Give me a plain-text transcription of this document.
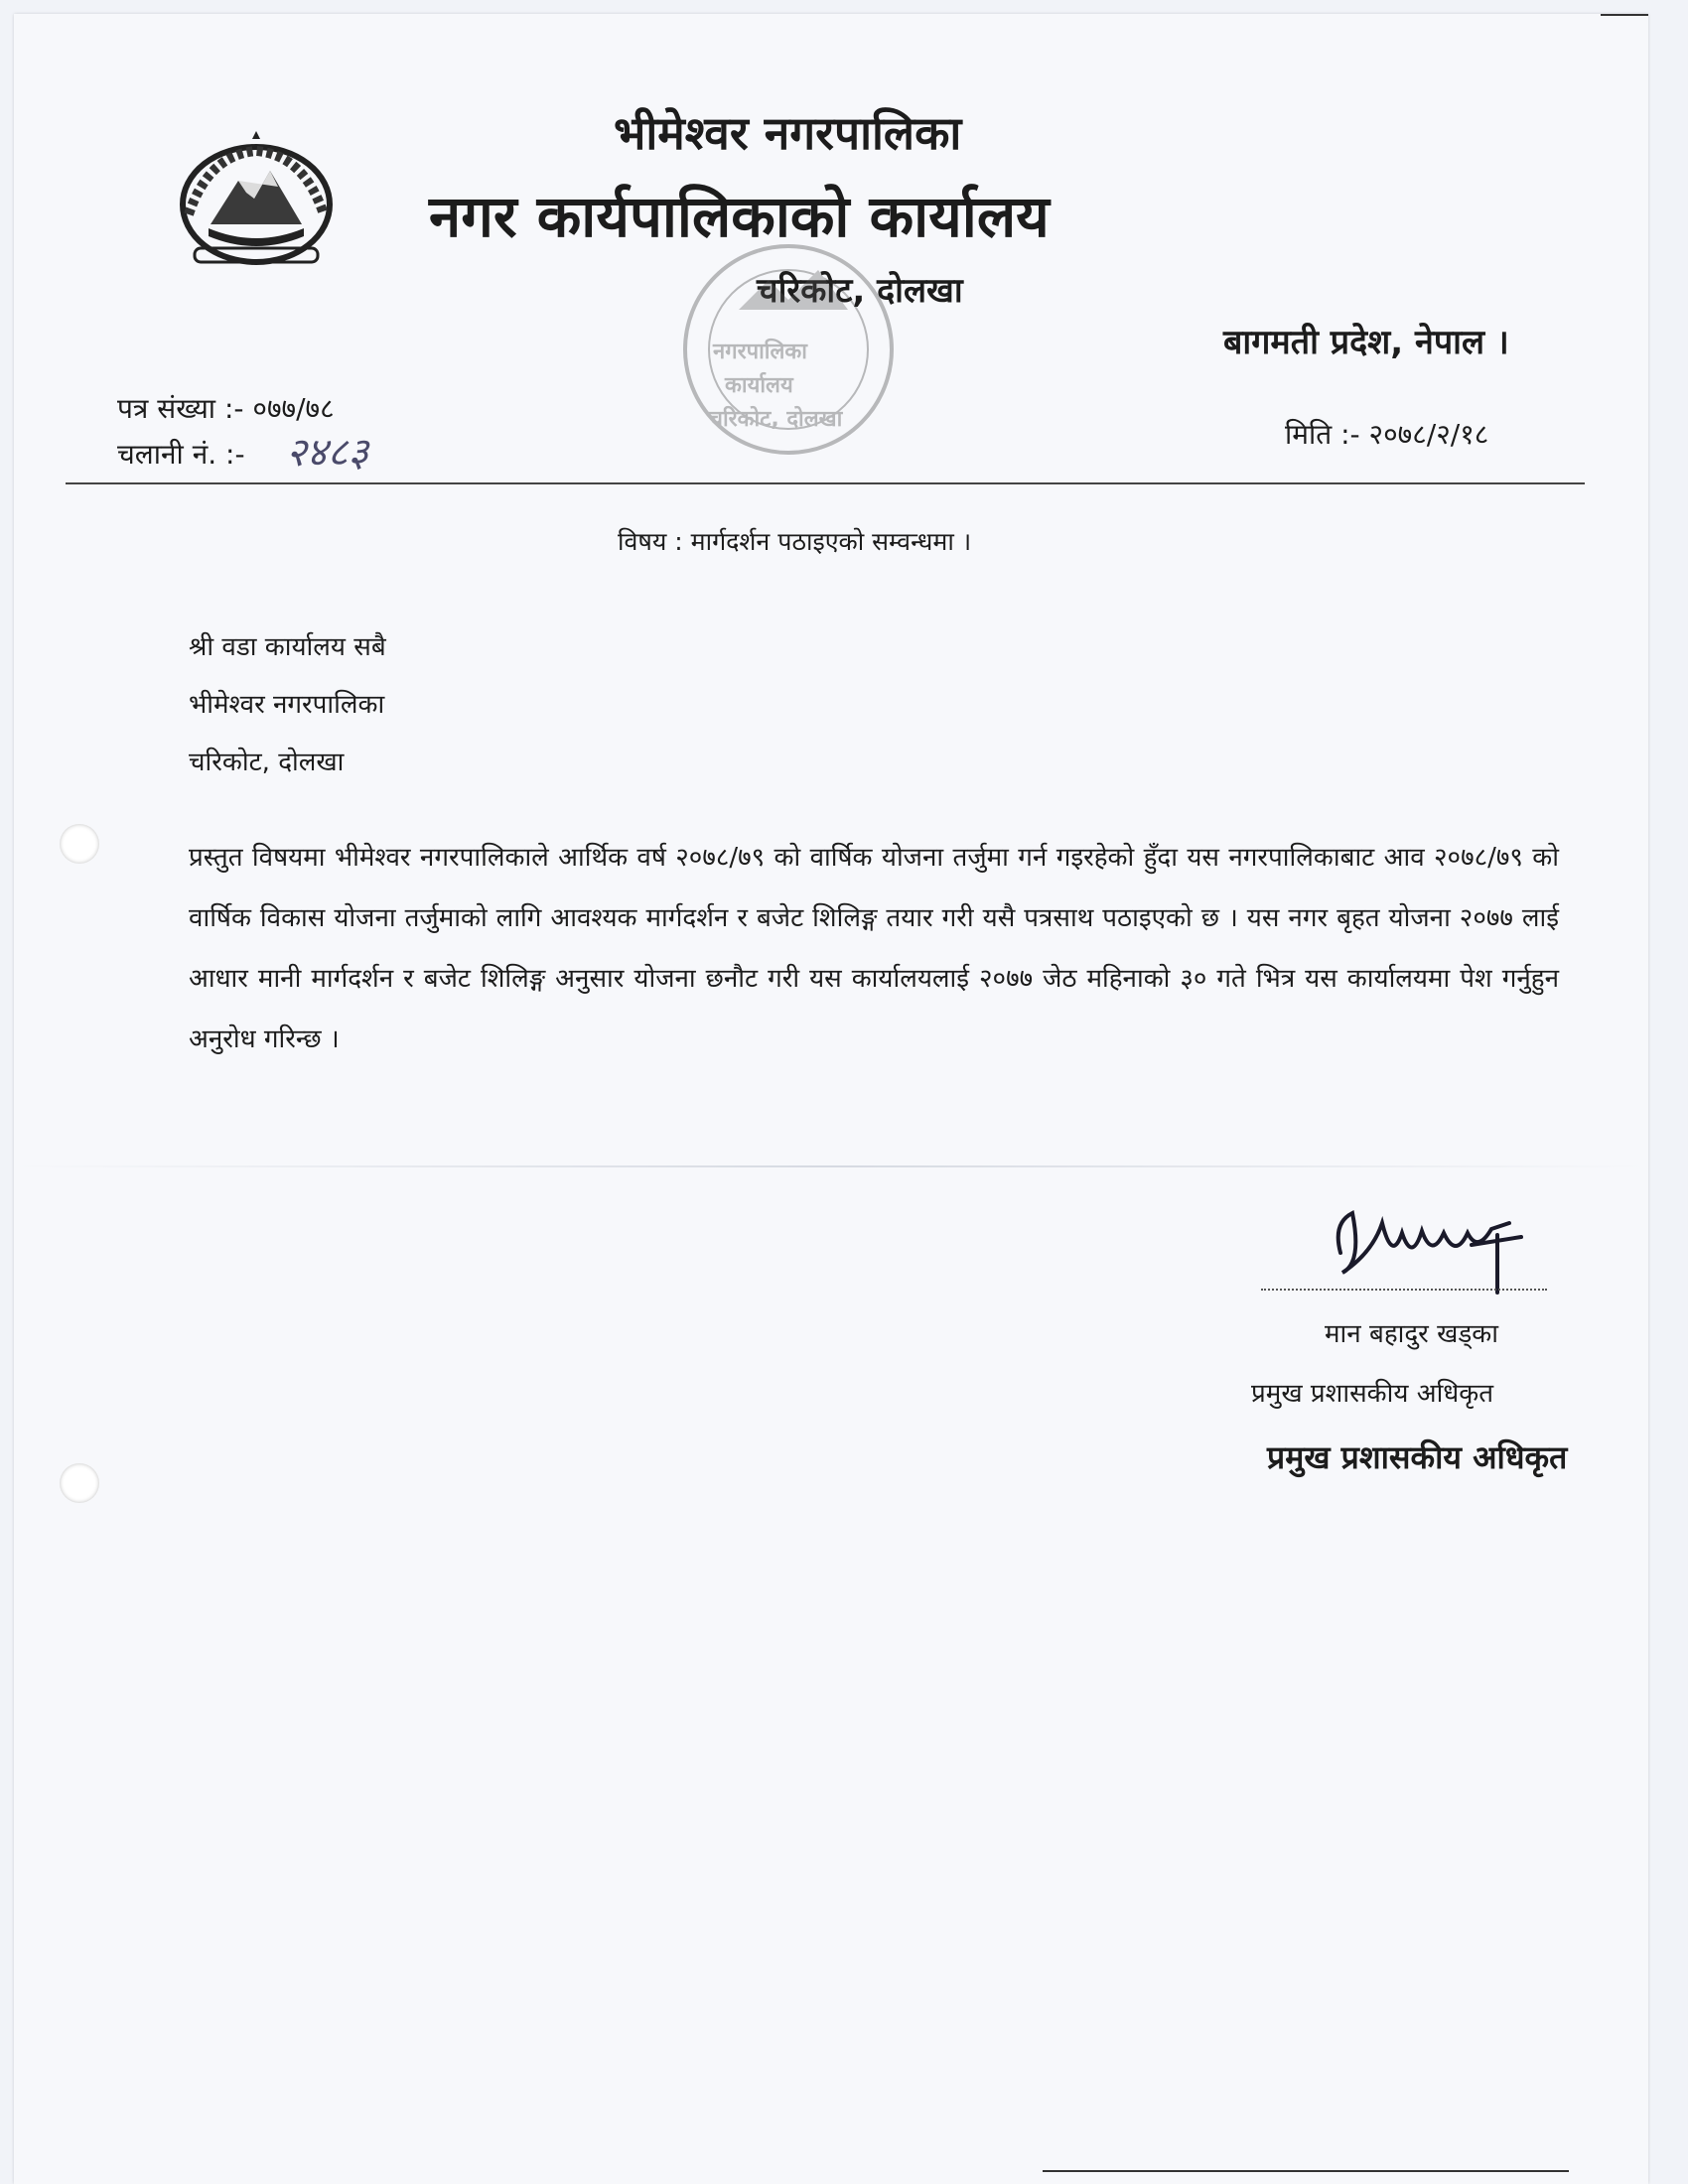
भीमेश्वर नगरपालिका
नगर कार्यपालिकाको कार्यालय
चरिकोट, दोलखा
बागमती प्रदेश, नेपाल ।
नगरपालिका
कार्यालय
चरिकोट, दोलखा
पत्र संख्या :- ०७७/७८
चलानी नं. :- २४८३	मिति :- २०७८/२/१८
विषय : मार्गदर्शन पठाइएको सम्वन्धमा ।
श्री वडा कार्यालय सबै
भीमेश्वर नगरपालिका
चरिकोट, दोलखा
प्रस्तुत विषयमा भीमेश्वर नगरपालिकाले आर्थिक वर्ष २०७८/७९ को वार्षिक योजना तर्जुमा गर्न गइरहेको हुँदा यस नगरपालिकाबाट आव २०७८/७९ को वार्षिक विकास योजना तर्जुमाको लागि आवश्यक मार्गदर्शन र बजेट शिलिङ्ग तयार गरी यसै पत्रसाथ पठाइएको छ । यस नगर बृहत योजना २०७७ लाई आधार मानी मार्गदर्शन र बजेट शिलिङ्ग अनुसार योजना छनौट गरी यस कार्यालयलाई २०७७ जेठ महिनाको ३० गते भित्र यस कार्यालयमा पेश गर्नुहुन अनुरोध गरिन्छ ।
मान बहादुर खड्का
प्रमुख प्रशासकीय अधिकृत
प्रमुख प्रशासकीय अधिकृत
